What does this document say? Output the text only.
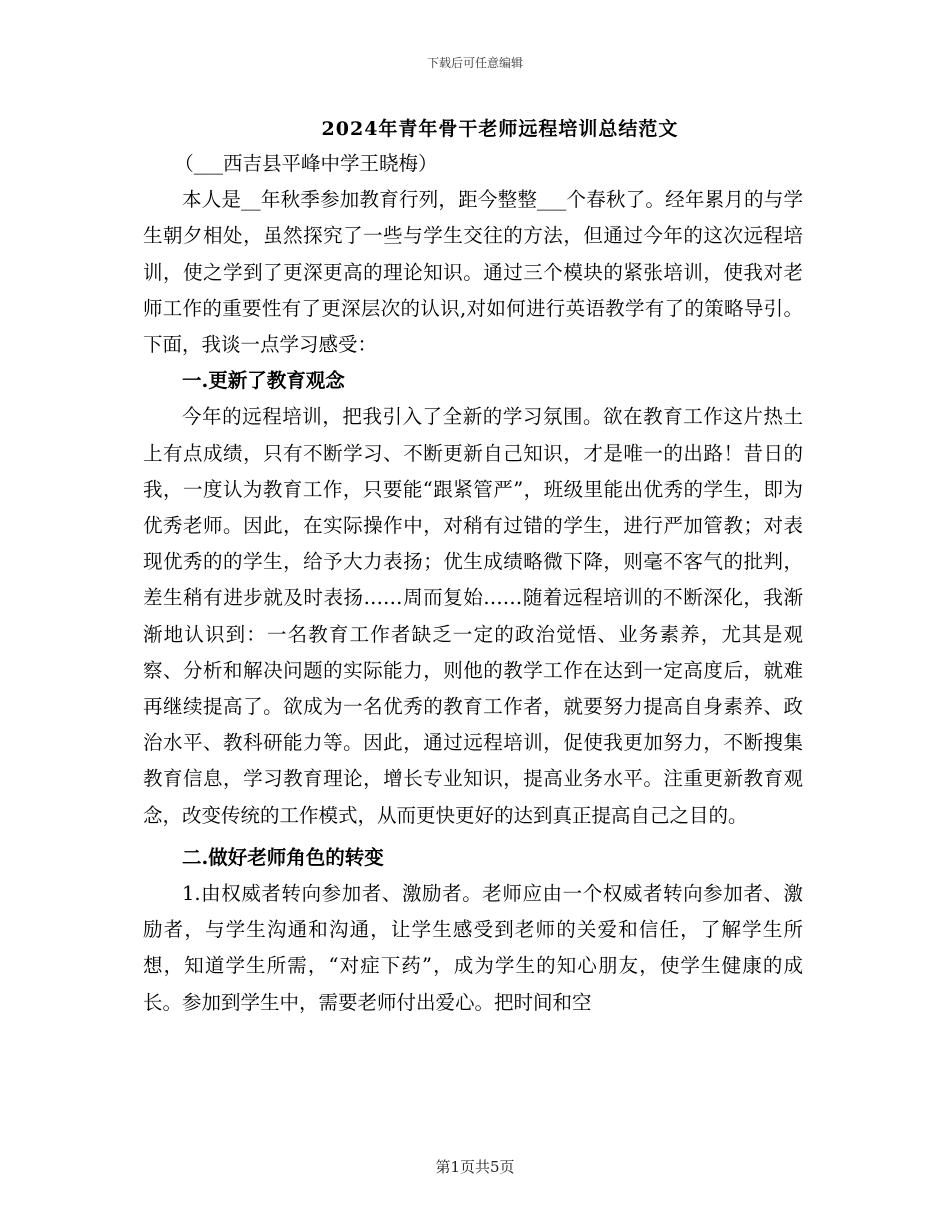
下载后可任意编辑
2024年青年骨干老师远程培训总结范文

（___西吉县平峰中学王晓梅）

本人是__年秋季参加教育行列，距今整整___个春秋了。经年累月的与学生朝夕相处，虽然探究了一些与学生交往的方法，但通过今年的这次远程培训，使之学到了更深更高的理论知识。通过三个模块的紧张培训，使我对老师工作的重要性有了更深层次的认识,对如何进行英语教学有了的策略导引。下面，我谈一点学习感受：

一.更新了教育观念

今年的远程培训，把我引入了全新的学习氛围。欲在教育工作这片热土上有点成绩，只有不断学习、不断更新自己知识，才是唯一的出路！昔日的我，一度认为教育工作，只要能“跟紧管严”，班级里能出优秀的学生，即为优秀老师。因此，在实际操作中，对稍有过错的学生，进行严加管教；对表现优秀的的学生，给予大力表扬；优生成绩略微下降，则毫不客气的批判，差生稍有进步就及时表扬……周而复始……随着远程培训的不断深化，我渐渐地认识到：一名教育工作者缺乏一定的政治觉悟、业务素养，尤其是观察、分析和解决问题的实际能力，则他的教学工作在达到一定高度后，就难再继续提高了。欲成为一名优秀的教育工作者，就要努力提高自身素养、政治水平、教科研能力等。因此，通过远程培训，促使我更加努力，不断搜集教育信息，学习教育理论，增长专业知识，提高业务水平。注重更新教育观念，改变传统的工作模式，从而更快更好的达到真正提高自己之目的。

二.做好老师角色的转变

1.由权威者转向参加者、激励者。老师应由一个权威者转向参加者、激励者，与学生沟通和沟通，让学生感受到老师的关爱和信任，了解学生所想，知道学生所需，“对症下药”，成为学生的知心朋友，使学生健康的成长。参加到学生中，需要老师付出爱心。把时间和空

第1页共5页
